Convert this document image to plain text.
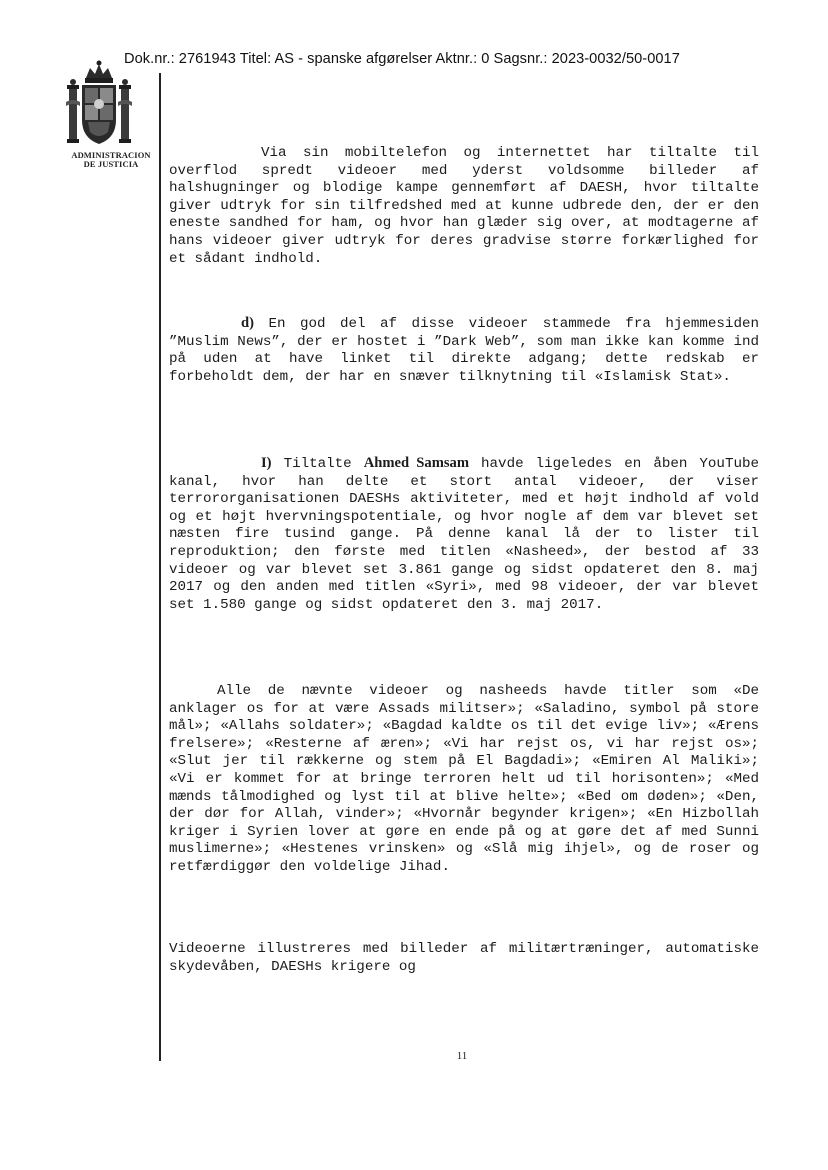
Dok.nr.: 2761943 Titel: AS - spanske afgørelser Aktnr.: 0 Sagsnr.: 2023-0032/50-0017
ADMINISTRACION
DE JUSTICIA

Via sin mobiltelefon og internettet har tiltalte til overflod spredt videoer med yderst voldsomme billeder af halshugninger og blodige kampe gennemført af DAESH, hvor tiltalte giver udtryk for sin tilfredshed med at kunne udbrede den, der er den eneste sandhed for ham, og hvor han glæder sig over, at modtagerne af hans videoer giver udtryk for deres gradvise større forkærlighed for et sådant indhold.

d) En god del af disse videoer stammede fra hjemmesiden ”Muslim News”, der er hostet i ”Dark Web”, som man ikke kan komme ind på uden at have linket til direkte adgang; dette redskab er forbeholdt dem, der har en snæver tilknytning til «Islamisk Stat».

I) Tiltalte Ahmed Samsam havde ligeledes en åben YouTube kanal, hvor han delte et stort antal videoer, der viser terrororganisationen DAESHs aktiviteter, med et højt indhold af vold og et højt hvervningspotentiale, og hvor nogle af dem var blevet set næsten fire tusind gange. På denne kanal lå der to lister til reproduktion; den første med titlen «Nasheed», der bestod af 33 videoer og var blevet set 3.861 gange og sidst opdateret den 8. maj 2017 og den anden med titlen «Syri», med 98 videoer, der var blevet set 1.580 gange og sidst opdateret den 3. maj 2017.

Alle de nævnte videoer og nasheeds havde titler som «De anklager os for at være Assads militser»; «Saladino, symbol på store mål»; «Allahs soldater»; «Bagdad kaldte os til det evige liv»; «Ærens frelsere»; «Resterne af æren»; «Vi har rejst os, vi har rejst os»; «Slut jer til rækkerne og stem på El Bagdadi»; «Emiren Al Maliki»; «Vi er kommet for at bringe terroren helt ud til horisonten»; «Med mænds tålmodighed og lyst til at blive helte»; «Bed om døden»; «Den, der dør for Allah, vinder»; «Hvornår begynder krigen»; «En Hizbollah kriger i Syrien lover at gøre en ende på og at gøre det af med Sunni muslimerne»; «Hestenes vrinsken» og «Slå mig ihjel», og de roser og retfærdiggør den voldelige Jihad.

Videoerne illustreres med billeder af militærtræninger, automatiske skydevåben, DAESHs krigere og

11
